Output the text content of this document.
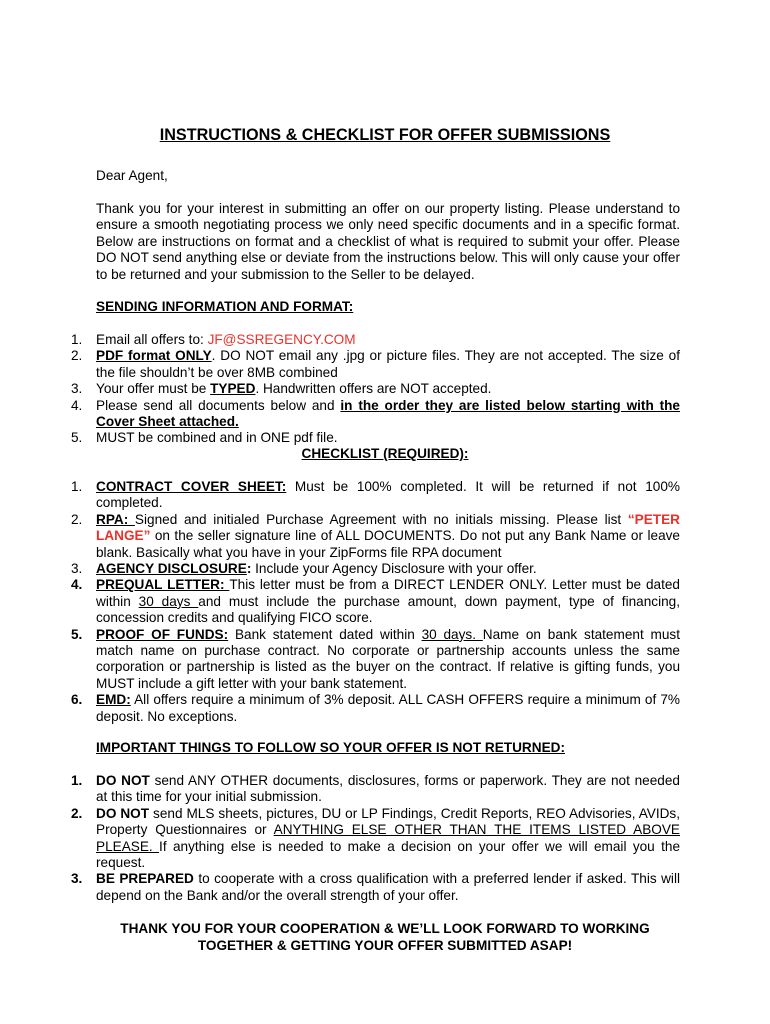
INSTRUCTIONS & CHECKLIST FOR OFFER SUBMISSIONS

Dear Agent,

Thank you for your interest in submitting an offer on our property listing. Please understand to ensure a smooth negotiating process we only need specific documents and in a specific format. Below are instructions on format and a checklist of what is required to submit your offer. Please DO NOT send anything else or deviate from the instructions below. This will only cause your offer to be returned and your submission to the Seller to be delayed.

SENDING INFORMATION AND FORMAT:

1.	Email all offers to: JF@SSREGENCY.COM
2.	PDF format ONLY. DO NOT email any .jpg or picture files. They are not accepted. The size of the file shouldn’t be over 8MB combined
3.	Your offer must be TYPED. Handwritten offers are NOT accepted.
4.	Please send all documents below and in the order they are listed below starting with the Cover Sheet attached.
5.	MUST be combined and in ONE pdf file.

CHECKLIST (REQUIRED):

1.	CONTRACT COVER SHEET: Must be 100% completed. It will be returned if not 100% completed.
2.	RPA: Signed and initialed Purchase Agreement with no initials missing. Please list “PETER LANGE” on the seller signature line of ALL DOCUMENTS. Do not put any Bank Name or leave blank. Basically what you have in your ZipForms file RPA document
3.	AGENCY DISCLOSURE: Include your Agency Disclosure with your offer.
4.	PREQUAL LETTER: This letter must be from a DIRECT LENDER ONLY. Letter must be dated within 30 days and must include the purchase amount, down payment, type of financing, concession credits and qualifying FICO score.
5.	PROOF OF FUNDS: Bank statement dated within 30 days. Name on bank statement must match name on purchase contract. No corporate or partnership accounts unless the same corporation or partnership is listed as the buyer on the contract. If relative is gifting funds, you MUST include a gift letter with your bank statement.
6.	EMD: All offers require a minimum of 3% deposit. ALL CASH OFFERS require a minimum of 7% deposit. No exceptions.

IMPORTANT THINGS TO FOLLOW SO YOUR OFFER IS NOT RETURNED:

1.	DO NOT send ANY OTHER documents, disclosures, forms or paperwork. They are not needed at this time for your initial submission.
2.	DO NOT send MLS sheets, pictures, DU or LP Findings, Credit Reports, REO Advisories, AVIDs, Property Questionnaires or ANYTHING ELSE OTHER THAN THE ITEMS LISTED ABOVE PLEASE. If anything else is needed to make a decision on your offer we will email you the request.
3.	BE PREPARED to cooperate with a cross qualification with a preferred lender if asked. This will depend on the Bank and/or the overall strength of your offer.
THANK YOU FOR YOUR COOPERATION & WE’LL LOOK FORWARD TO WORKING
TOGETHER & GETTING YOUR OFFER SUBMITTED ASAP!
